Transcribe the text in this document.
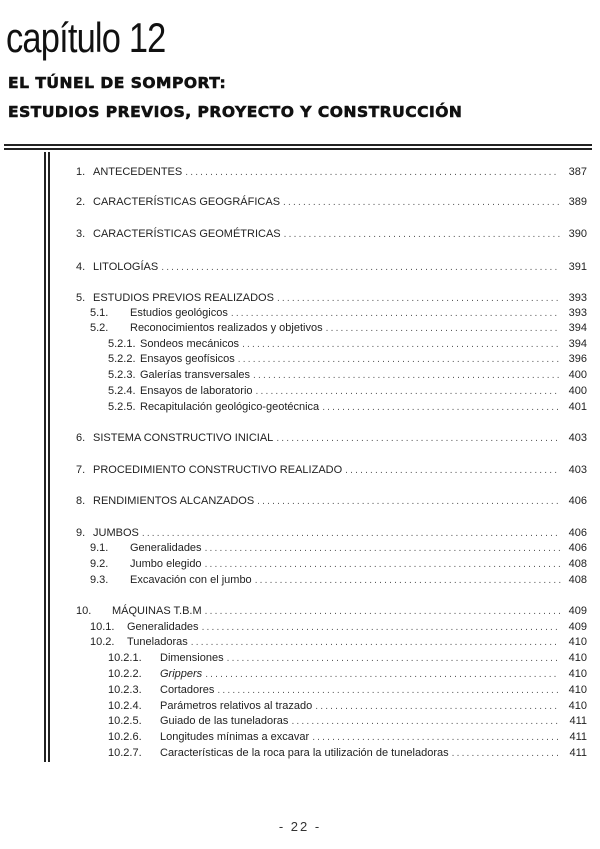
capítulo 12
EL TÚNEL DE SOMPORT:
ESTUDIOS PREVIOS, PROYECTO Y CONSTRUCCIÓN
1. ANTECEDENTES ........................................................................... 387
2. CARACTERÍSTICAS GEOGRÁFICAS ........................................................ 389
3. CARACTERÍSTICAS GEOMÉTRICAS ........................................................ 390
4. LITOLOGÍAS ................................................................................ 391
5. ESTUDIOS PREVIOS REALIZADOS ......................................................... 393
5.1.	Estudios geológicos .................................................................. 393
5.2.	Reconocimientos realizados y objetivos ............................................... 394
5.2.1. Sondeos mecánicos ................................................................ 394
5.2.2. Ensayos geofísicos ................................................................. 396
5.2.3. Galerías transversales .............................................................. 400
5.2.4. Ensayos de laboratorio ............................................................. 400
5.2.5. Recapitulación geológico-geotécnica ................................................ 401
6. SISTEMA CONSTRUCTIVO INICIAL ......................................................... 403
7. PROCEDIMIENTO CONSTRUCTIVO REALIZADO ........................................... 403
8. RENDIMIENTOS ALCANZADOS ............................................................. 406
9. JUMBOS .................................................................................... 406
9.1.	Generalidades ........................................................................ 406
9.2.	Jumbo elegido ........................................................................ 408
9.3.	Excavación con el jumbo .............................................................. 408
10.	MÁQUINAS T.B.M ........................................................................ 409
10.1.	Generalidades ........................................................................ 409
10.2.	Tuneladoras .......................................................................... 410
10.2.1.	Dimensiones ................................................................... 410
10.2.2.	Grippers ....................................................................... 410
10.2.3.	Cortadores ..................................................................... 410
10.2.4.	Parámetros relativos al trazado ................................................. 410
10.2.5.	Guiado de las tuneladoras ...................................................... 411
10.2.6.	Longitudes mínimas a excavar .................................................. 411
10.2.7.	Características de la roca para la utilización de tuneladoras ...................... 411
- 22 -
